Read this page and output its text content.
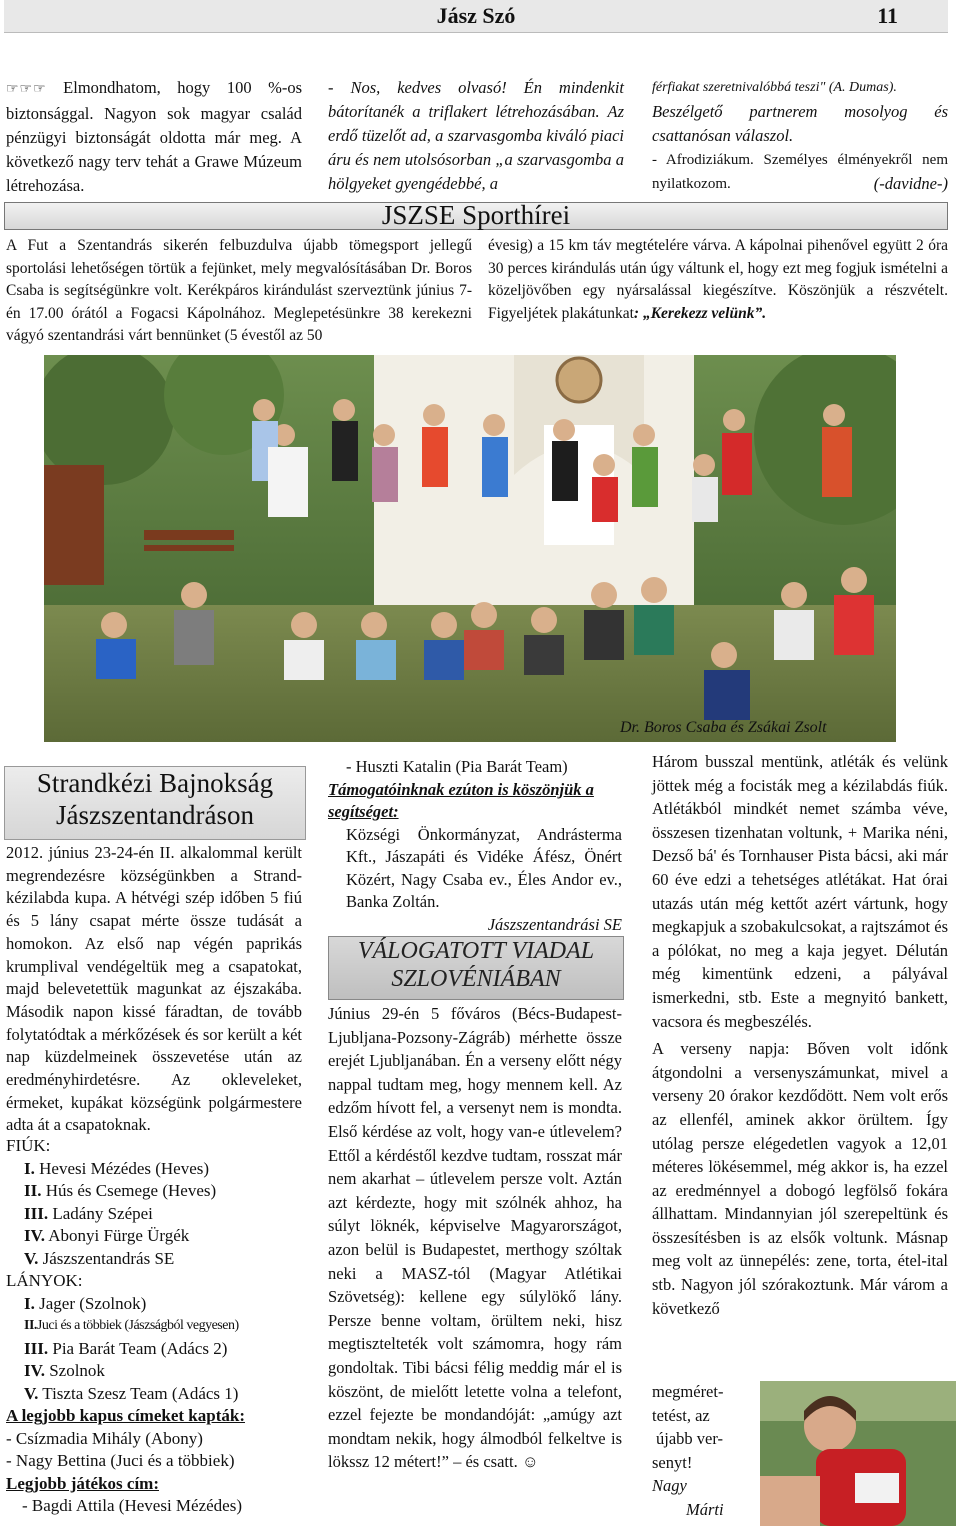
Jász Szó	11
☞☞☞ Elmondhatom, hogy 100 %-os biztonsággal. Nagyon sok magyar család pénzügyi biztonságát oldotta már meg. A következő nagy terv tehát a Grawe Múzeum létrehozása.
- Nos, kedves olvasó! Én mindenkit bátorítanék a triflakert létrehozásában. Az erdő tüzelőt ad, a szarvasgomba kiváló piaci áru és nem utolsósorban „a szarvasgomba a hölgyeket gyengédebbé, a

férfiakat szeretnivalóbbá teszi" (A. Dumas).

Beszélgető partnerem mosolyog és csattanósan válaszol.

- Afrodiziákum. Személyes élményekről nem nyilatkozom.	(-davidne-)

JSZSE Sporthírei
A Fut a Szentandrás sikerén felbuzdulva újabb tömegsport jellegű sportolási lehetőségen törtük a fejünket, mely megvalósításában Dr. Boros Csaba is segítségünkre volt. Kerékpáros kirándulást szerveztünk június 7-én 17.00 órától a Fogacsi Kápolnához. Meglepetésünkre 38 kerekezni vágyó szentandrási várt bennünket (5 évestől az 50
évesig) a 15 km táv megtételére várva. A kápolnai pihenővel együtt 2 óra 30 perces kirándulás után úgy váltunk el, hogy ezt meg fogjuk ismételni a közeljövőben egy nyársalással kiegészítve. Köszönjük a részvételt. Figyeljétek plakátunkat: „Kerekezz velünk”.
Dr. Boros Csaba és Zsákai Zsolt
Strandkézi Bajnokság
Jászszentandráson

2012. június 23-24-én II. alkalommal került megrendezésre községünkben a Strand-kézilabda kupa. A hétvégi szép időben 5 fiú és 5 lány csapat mérte össze tudását a homokon. Az első nap végén paprikás krumplival vendégeltük meg a csapatokat, majd belevetettük magunkat az éjszakába. Második napon kissé fáradtan, de tovább folytatódtak a mérkőzések és sor került a két nap küzdelmeinek összevetése után az eredményhirdetésre. Az okleveleket, érmeket, kupákat községünk polgármestere adta át a csapatoknak.

FIÚK:
I. Hevesi Mézédes (Heves)
II. Hús és Csemege (Heves)
III. Ladány Szépei
IV. Abonyi Fürge Ürgék
V. Jászszentandrás SE
LÁNYOK:
I. Jager (Szolnok)
II.Juci és a többiek (Jászságból vegyesen)
III. Pia Barát Team (Adács 2)
IV. Szolnok
V. Tiszta Szesz Team (Adács 1)
A legjobb kapus címeket kapták:
- Csízmadia Mihály (Abony)
- Nagy Bettina (Juci és a többiek)
Legjobb játékos cím:
- Bagdi Attila (Hevesi Mézédes)
- Huszti Katalin (Pia Barát Team)
Támogatóinknak ezúton is köszönjük a segítséget:
Községi Önkormányzat, Andrásterma Kft., Jászapáti és Vidéke Áfész, Önért Közért, Nagy Csaba ev., Éles Andor ev., Banka Zoltán.
Jászszentandrási SE
VÁLOGATOTT VIADAL
SZLOVÉNIÁBAN
Június 29-én 5 főváros (Bécs-Budapest-Ljubljana-Pozsony-Zágráb) mérhette össze erejét Ljubljanában. Én a verseny előtt négy nappal tudtam meg, hogy mennem kell. Az edzőm hívott fel, a versenyt nem is mondta. Első kérdése az volt, hogy van-e útlevelem? Ettől a kérdéstől kezdve tudtam, rosszat már nem akarhat – útlevelem persze volt. Aztán azt kérdezte, hogy mit szólnék ahhoz, ha súlyt löknék, képviselve Magyarországot, azon belül is Budapestet, merthogy szóltak neki a MASZ-tól (Magyar Atlétikai Szövetség): kellene egy súlylökő lány. Persze benne voltam, örültem neki, hisz megtisztelteték volt számomra, hogy rám gondoltak. Tibi bácsi félig meddig már el is köszönt, de mielőtt letette volna a telefont, ezzel fejezte be mondandóját: „amúgy azt mondtam nekik, hogy álmodból felkeltve is lökssz 12 métert!” – és csatt. ☺

Három busszal mentünk, atléták és velünk jöttek még a focisták meg a kézilabdás fiúk. Atlétákból mindkét nemet számba véve, összesen tizenhatan voltunk, + Marika néni, Dezső bá' és Tornhauser Pista bácsi, aki már 60 éve edzi a tehetséges atlétákat. Hat órai utazás után még kettőt azért vártunk, hogy megkapjuk a szobakulcsokat, a rajtszámot és a pólókat, no meg a kaja jegyet. Délután még kimentünk edzeni, a pályával ismerkedni, stb. Este a megnyitó bankett, vacsora és megbeszélés.

A verseny napja: Bőven volt időnk átgondolni a versenyszámunkat, mivel a verseny 20 órakor kezdődött. Nem volt erős az ellenfél, aminek akkor örültem. Így utólag persze elégedetlen vagyok a 12,01 méteres lökésemmel, még akkor is, ha ezzel az eredménnyel a dobogó legfölső fokára állhattam. Mindannyian jól szerepeltünk és összesítésben is az elsők voltunk. Másnap meg volt az ünnepélés: zene, torta, étel-ital stb. Nagyon jól szórakoztunk. Már várom a következő

megméret-
tetést, az
újabb ver-
senyt!
Nagy
Márti
